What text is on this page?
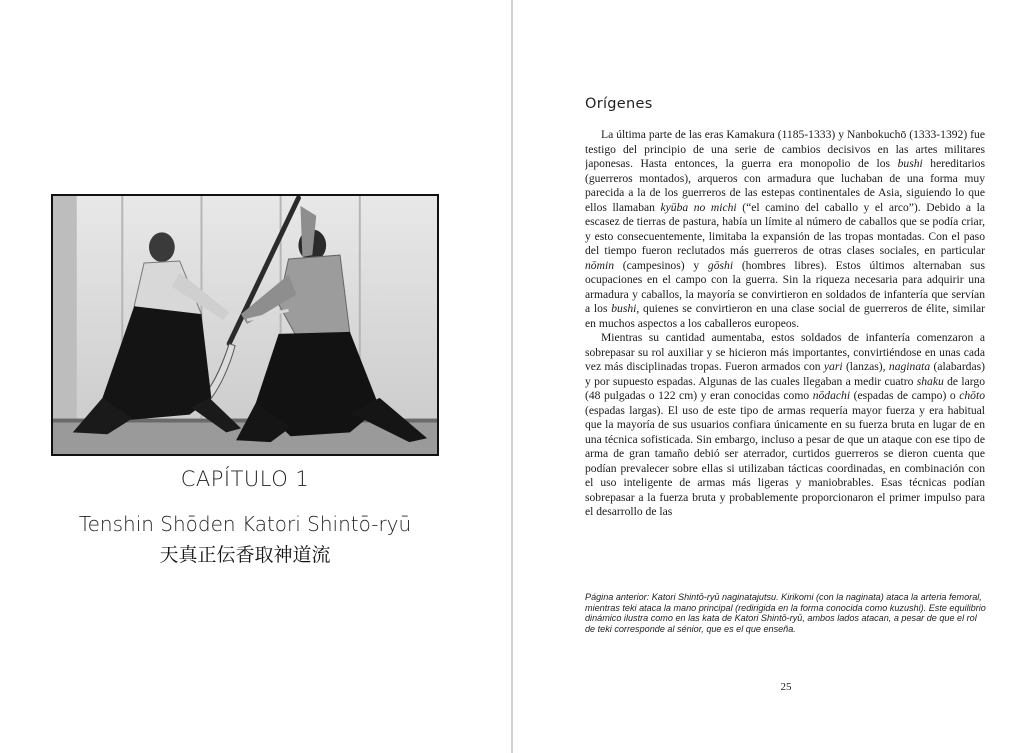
CAPÍTULO 1
Tenshin Shōden Katori Shintō-ryū
天真正伝香取神道流
Orígenes

La última parte de las eras Kamakura (1185-1333) y Nanbokuchō (1333-1392) fue testigo del principio de una serie de cambios decisivos en las artes militares japonesas. Hasta entonces, la guerra era monopolio de los bushi hereditarios (guerreros montados), arqueros con armadura que luchaban de una forma muy parecida a la de los guerreros de las estepas continentales de Asia, siguiendo lo que ellos llamaban kyūba no michi (“el camino del caballo y el arco”). Debido a la escasez de tierras de pastura, había un límite al número de caballos que se podía criar, y esto consecuentemente, limitaba la expansión de las tropas montadas. Con el paso del tiempo fueron reclutados más guerreros de otras clases sociales, en particular nōmin (campesinos) y gōshi (hombres libres). Estos últimos alternaban sus ocupaciones en el campo con la guerra. Sin la riqueza necesaria para adquirir una armadura y caballos, la mayoría se convirtieron en soldados de infantería que servían a los bushi, quienes se convirtieron en una clase social de guerreros de élite, similar en muchos aspectos a los caballeros europeos.

Mientras su cantidad aumentaba, estos soldados de infantería comenzaron a sobrepasar su rol auxiliar y se hicieron más importantes, convirtiéndose en unas cada vez más disciplinadas tropas. Fueron armados con yari (lanzas), naginata (alabardas) y por supuesto espadas. Algunas de las cuales llegaban a medir cuatro shaku de largo (48 pulgadas o 122 cm) y eran conocidas como nōdachi (espadas de campo) o chōto (espadas largas). El uso de este tipo de armas requería mayor fuerza y era habitual que la mayoría de sus usuarios confiara únicamente en su fuerza bruta en lugar de en una técnica sofisticada. Sin embargo, incluso a pesar de que un ataque con ese tipo de arma de gran tamaño debió ser aterrador, curtidos guerreros se dieron cuenta que podían prevalecer sobre ellas si utilizaban tácticas coordinadas, en combinación con el uso inteligente de armas más ligeras y maniobrables. Esas técnicas podían sobrepasar a la fuerza bruta y probablemente proporcionaron el primer impulso para el desarrollo de las

Página anterior: Katori Shintō-ryū naginatajutsu. Kirikomi (con la naginata) ataca la arteria femoral, mientras teki ataca la mano principal (redirigida en la forma conocida como kuzushi). Este equilibrio dinámico ilustra como en las kata de Katori Shintō-ryū, ambos lados atacan, a pesar de que el rol de teki corresponde al sénior, que es el que enseña.
25
